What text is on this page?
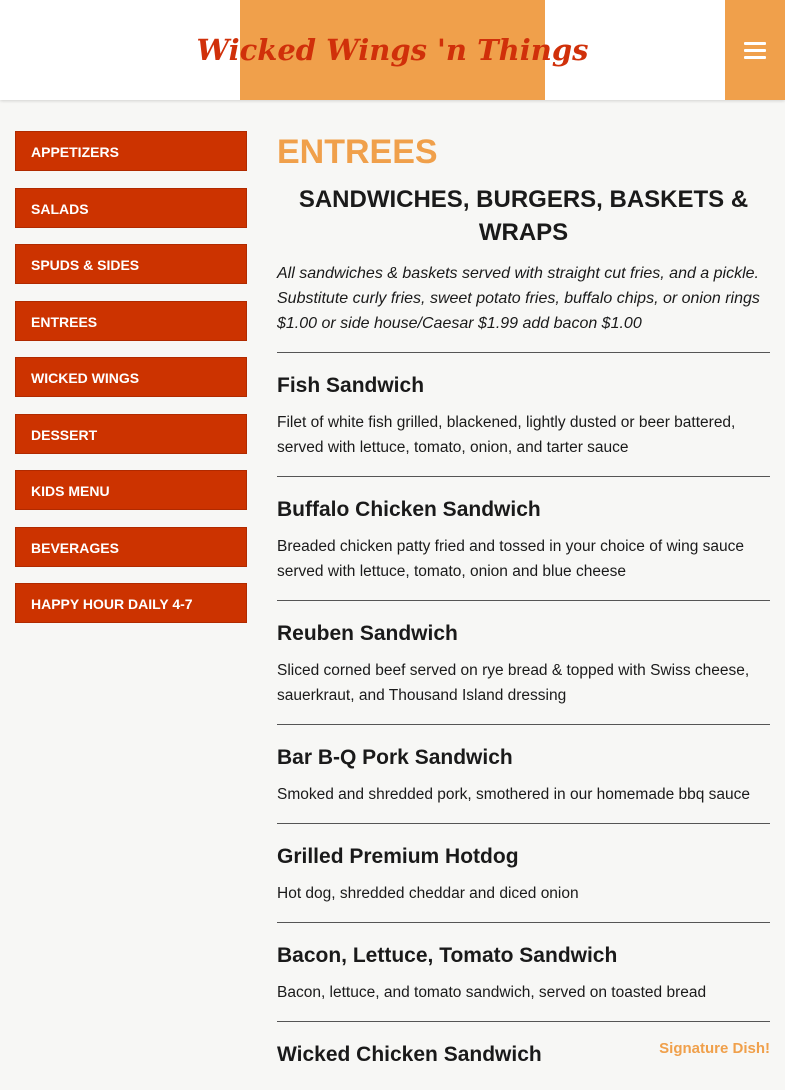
Wicked Wings 'n Things
APPETIZERS
SALADS
SPUDS & SIDES
ENTREES
WICKED WINGS
DESSERT
KIDS MENU
BEVERAGES
HAPPY HOUR DAILY 4-7
ENTREES
SANDWICHES, BURGERS, BASKETS & WRAPS

All sandwiches & baskets served with straight cut fries, and a pickle. Substitute curly fries, sweet potato fries, buffalo chips, or onion rings $1.00 or side house/Caesar $1.99 add bacon $1.00

Fish Sandwich

Filet of white fish grilled, blackened, lightly dusted or beer battered, served with lettuce, tomato, onion, and tarter sauce

Buffalo Chicken Sandwich

Breaded chicken patty fried and tossed in your choice of wing sauce served with lettuce, tomato, onion and blue cheese

Reuben Sandwich

Sliced corned beef served on rye bread & topped with Swiss cheese, sauerkraut, and Thousand Island dressing

Bar B-Q Pork Sandwich

Smoked and shredded pork, smothered in our homemade bbq sauce

Grilled Premium Hotdog

Hot dog, shredded cheddar and diced onion

Bacon, Lettuce, Tomato Sandwich

Bacon, lettuce, and tomato sandwich, served on toasted bread

Wicked Chicken Sandwich	Signature Dish!
